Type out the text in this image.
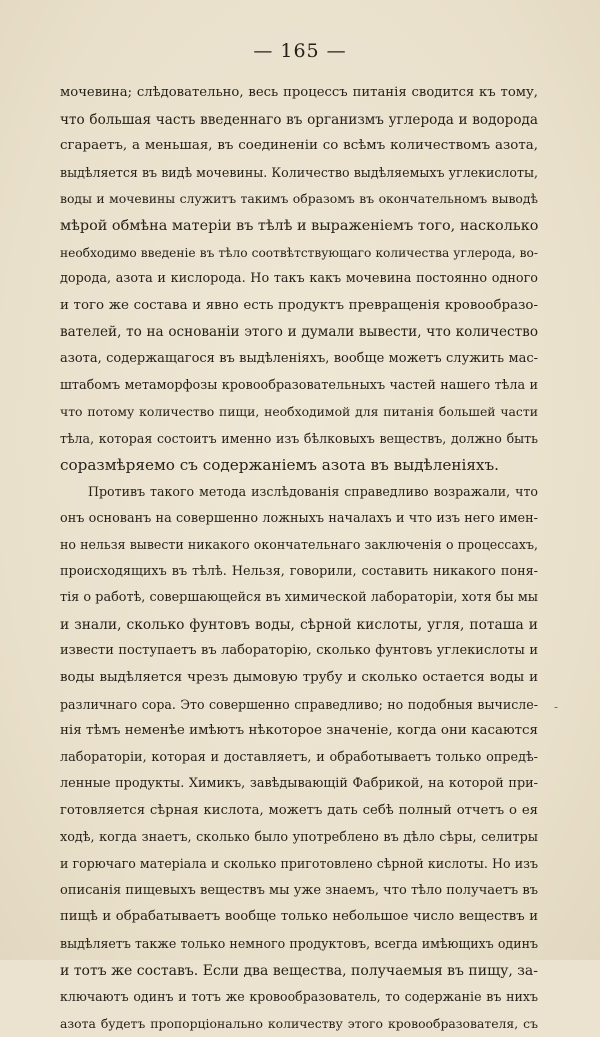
— 165 —
мочевина; слѣдовательно, весь процессъ питанія сводится къ тому,
что большая часть введеннаго въ организмъ углерода и водорода
сгараетъ, а меньшая, въ соединеніи со всѣмъ количествомъ азота,
выдѣляется въ видѣ мочевины. Количество выдѣляемыхъ углекислоты,
воды и мочевины служитъ такимъ образомъ въ окончательномъ выводѣ
мѣрой обмѣна матеріи въ тѣлѣ и выраженіемъ того, насколько
необходимо введеніе въ тѣло соотвѣтствующаго количества углерода, во-
дорода, азота и кислорода. Но такъ какъ мочевина постоянно одного
и того же состава и явно есть продуктъ превращенія кровообразо-
вателей, то на основаніи этого и думали вывести, что количество
азота, содержащагося въ выдѣленіяхъ, вообще можетъ служить мас-
штабомъ метаморфозы кровообразовательныхъ частей нашего тѣла и
что потому количество пищи, необходимой для питанія большей части
тѣла, которая состоитъ именно изъ бѣлковыхъ веществъ, должно быть
соразмѣряемо съ содержаніемъ азота въ выдѣленіяхъ.
Противъ такого метода изслѣдованія справедливо возражали, что
онъ основанъ на совершенно ложныхъ началахъ и что изъ него имен-
но нельзя вывести никакого окончательнаго заключенія о процессахъ,
происходящихъ въ тѣлѣ. Нельзя, говорили, составить никакого поня-
тія о работѣ, совершающейся въ химической лабораторіи, хотя бы мы
и знали, сколько фунтовъ воды, сѣрной кислоты, угля, поташа и
извести поступаетъ въ лабораторію, сколько фунтовъ углекислоты и
воды выдѣляется чрезъ дымовую трубу и сколько остается воды и
различнаго сора. Это совершенно справедливо; но подобныя вычисле-
нія тѣмъ неменѣе имѣютъ нѣкоторое значеніе, когда они касаются
лабораторіи, которая и доставляетъ, и обработываетъ только опредѣ-
ленные продукты. Химикъ, завѣдывающій Фабрикой, на которой при-
готовляется сѣрная кислота, можетъ дать себѣ полный отчетъ о ея
ходѣ, когда знаетъ, сколько было употреблено въ дѣло сѣры, селитры
и горючаго матеріала и сколько приготовлено сѣрной кислоты. Но изъ
описанія пищевыхъ веществъ мы уже знаемъ, что тѣло получаетъ въ
пищѣ и обрабатываетъ вообще только небольшое число веществъ и
выдѣляетъ также только немного продуктовъ, всегда имѣющихъ одинъ
и тотъ же составъ. Если два вещества, получаемыя въ пищу, за-
ключаютъ одинъ и тотъ же кровообразователь, то содержаніе въ нихъ
азота будетъ пропорціонально количеству этого кровообразователя, съ
-
